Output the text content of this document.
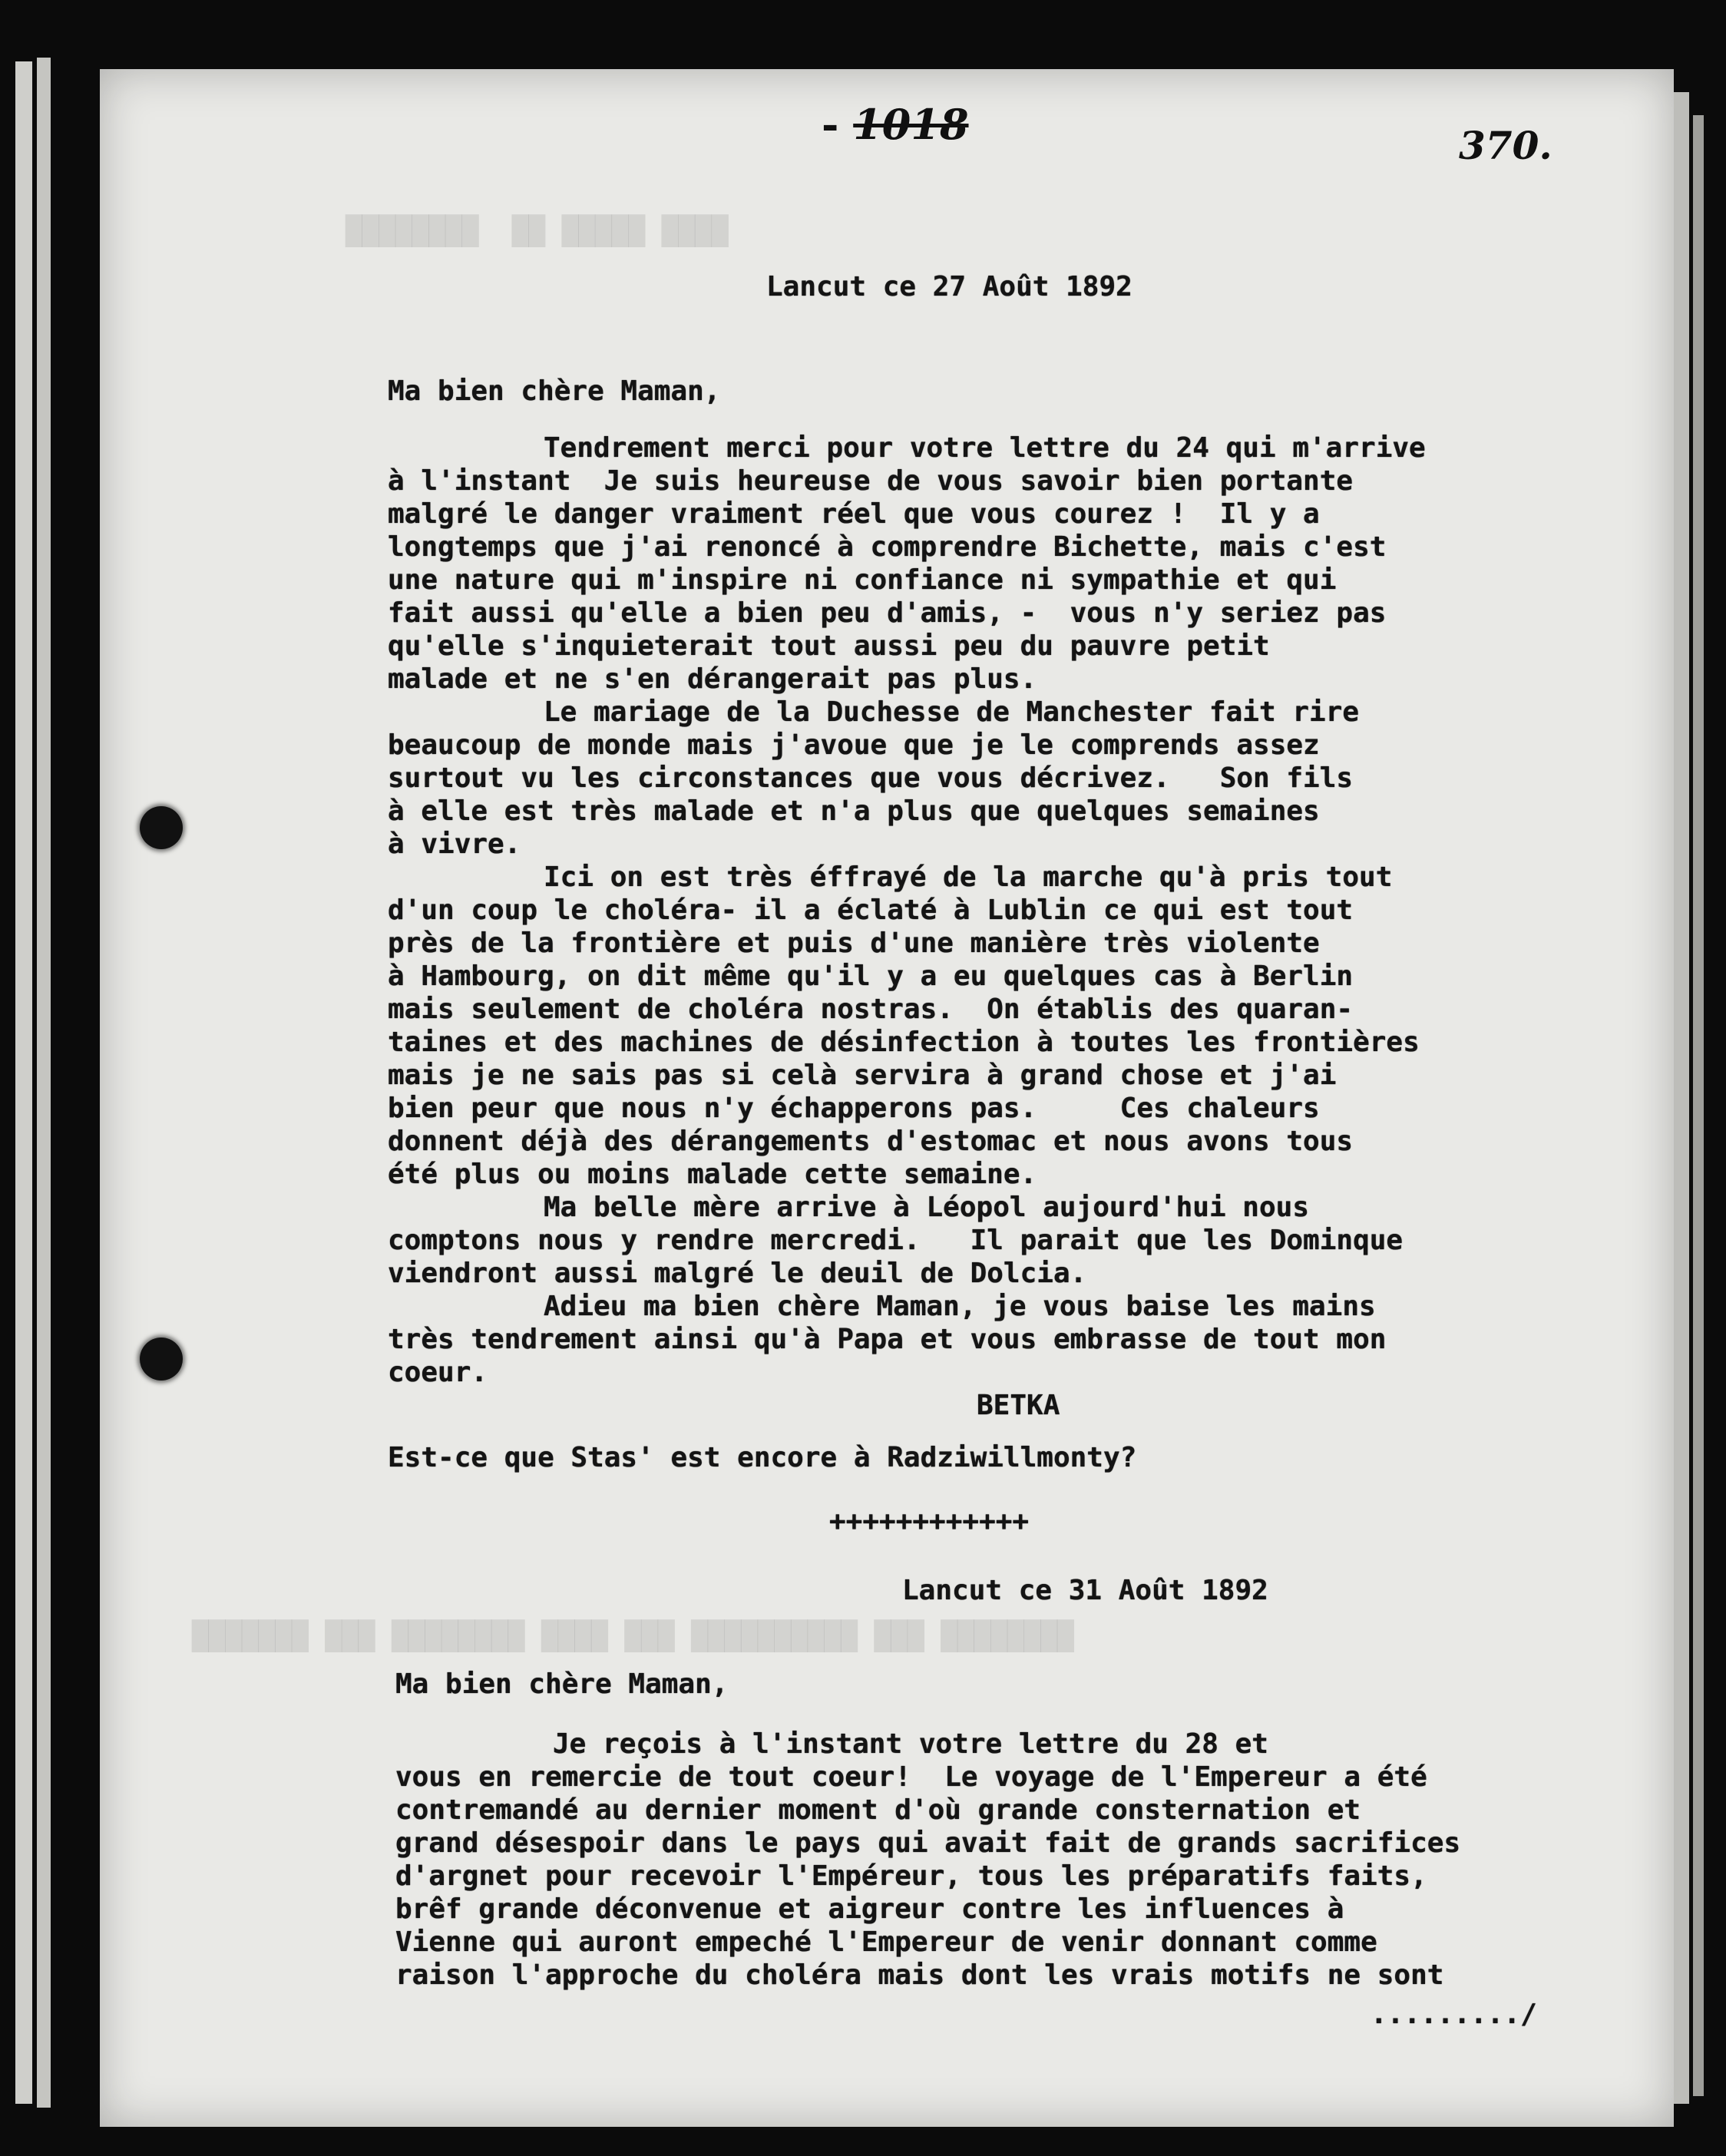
████████  ██ █████ ████
███████ ███ ████████ ████ ███ ██████████ ███ ████████
- 1018	370.

Lancut ce 27 Août 1892

Ma bien chère Maman,

Tendrement merci pour votre lettre du 24 qui m'arrive

à l'instant  Je suis heureuse de vous savoir bien portante

malgré le danger vraiment réel que vous courez !  Il y a

longtemps que j'ai renoncé à comprendre Bichette, mais c'est

une nature qui m'inspire ni confiance ni sympathie et qui

fait aussi qu'elle a bien peu d'amis, -  vous n'y seriez pas

qu'elle s'inquieterait tout aussi peu du pauvre petit

malade et ne s'en dérangerait pas plus.

Le mariage de la Duchesse de Manchester fait rire

beaucoup de monde mais j'avoue que je le comprends assez

surtout vu les circonstances que vous décrivez.   Son fils

à elle est très malade et n'a plus que quelques semaines

à vivre.

Ici on est très éffrayé de la marche qu'à pris tout

d'un coup le choléra- il a éclaté à Lublin ce qui est tout

près de la frontière et puis d'une manière très violente

à Hambourg, on dit même qu'il y a eu quelques cas à Berlin

mais seulement de choléra nostras.  On établis des quaran-

taines et des machines de désinfection à toutes les frontières

mais je ne sais pas si celà servira à grand chose et j'ai

bien peur que nous n'y échapperons pas.     Ces chaleurs

donnent déjà des dérangements d'estomac et nous avons tous

été plus ou moins malade cette semaine.

Ma belle mère arrive à Léopol aujourd'hui nous

comptons nous y rendre mercredi.   Il parait que les Dominque

viendront aussi malgré le deuil de Dolcia.

Adieu ma bien chère Maman, je vous baise les mains

très tendrement ainsi qu'à Papa et vous embrasse de tout mon

coeur.

BETKA

Est-ce que Stas' est encore à Radziwillmonty?

++++++++++++

Lancut ce 31 Août 1892

Ma bien chère Maman,

Je reçois à l'instant votre lettre du 28 et

vous en remercie de tout coeur!  Le voyage de l'Empereur a été

contremandé au dernier moment d'où grande consternation et

grand désespoir dans le pays qui avait fait de grands sacrifices

d'argnet pour recevoir l'Empéreur, tous les préparatifs faits,

brêf grande déconvenue et aigreur contre les influences à

Vienne qui auront empeché l'Empereur de venir donnant comme

raison l'approche du choléra mais dont les vrais motifs ne sont

........./
